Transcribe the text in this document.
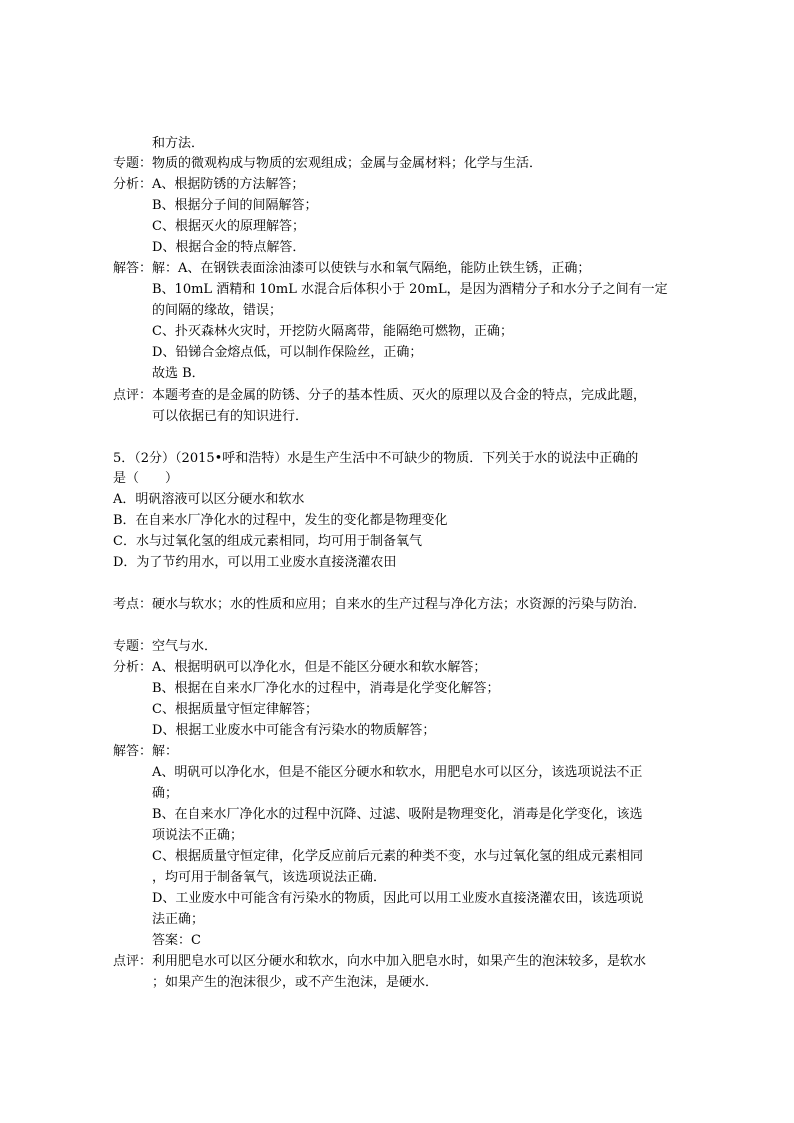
和方法．
专题： 物质的微观构成与物质的宏观组成；金属与金属材料；化学与生活．
分析： A、根据防锈的方法解答；
B、根据分子间的间隔解答；
C、根据灭火的原理解答；
D、根据合金的特点解答．
解答： 解：A、在钢铁表面涂油漆可以使铁与水和氧气隔绝，能防止铁生锈，正确；
B、10mL 酒精和 10mL 水混合后体积小于 20mL，是因为酒精分子和水分子之间有一定
的间隔的缘故，错误；
C、扑灭森林火灾时，开挖防火隔离带，能隔绝可燃物，正确；
D、铅锑合金熔点低，可以制作保险丝，正确；
故选 B．
点评： 本题考查的是金属的防锈、分子的基本性质、灭火的原理以及合金的特点，完成此题，
可以依据已有的知识进行．
5．（2分）（2015•呼和浩特）水是生产生活中不可缺少的物质．下列关于水的说法中正确的
是（　　）
A．明矾溶液可以区分硬水和软水
B．在自来水厂净化水的过程中，发生的变化都是物理变化
C．水与过氧化氢的组成元素相同，均可用于制备氧气
D．为了节约用水，可以用工业废水直接浇灌农田
考点： 硬水与软水；水的性质和应用；自来水的生产过程与净化方法；水资源的污染与防治．
专题： 空气与水．
分析： A、根据明矾可以净化水，但是不能区分硬水和软水解答；
B、根据在自来水厂净化水的过程中，消毒是化学变化解答；
C、根据质量守恒定律解答；
D、根据工业废水中可能含有污染水的物质解答；
解答： 解：
A、明矾可以净化水，但是不能区分硬水和软水，用肥皂水可以区分，该选项说法不正
确；
B、在自来水厂净化水的过程中沉降、过滤、吸附是物理变化，消毒是化学变化，该选
项说法不正确；
C、根据质量守恒定律，化学反应前后元素的种类不变，水与过氧化氢的组成元素相同
，均可用于制备氧气，该选项说法正确．
D、工业废水中可能含有污染水的物质，因此可以用工业废水直接浇灌农田，该选项说
法正确；
答案：C
点评： 利用肥皂水可以区分硬水和软水，向水中加入肥皂水时，如果产生的泡沫较多，是软水
；如果产生的泡沫很少，或不产生泡沫，是硬水．
